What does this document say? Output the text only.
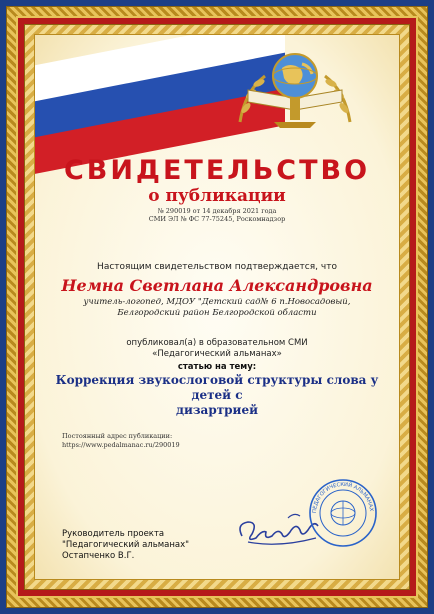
СВИДЕТЕЛЬСТВО
о публикации
№ 290019 от 14 декабря 2021 года
СМИ ЭЛ № ФС 77-75245, Роскомнадзор
Настоящим свидетельством подтверждается, что
Немна Светлана Александровна
учитель-логопед, МДОУ "Детский сад№ 6 п.Новосадовый,
Белгородский район Белгородской области
опубликовал(а) в образовательном СМИ
«Педагогический альманах»
статью на тему:
Коррекция звукослоговой структуры слова у детей с
дизартрией
Постоянный адрес публикации:
https://www.pedalmanac.ru/290019
ПЕДАГОГИЧЕСКИЙ АЛЬМАНАХ
Руководитель проекта
"Педагогический альманах"
Остапченко В.Г.
